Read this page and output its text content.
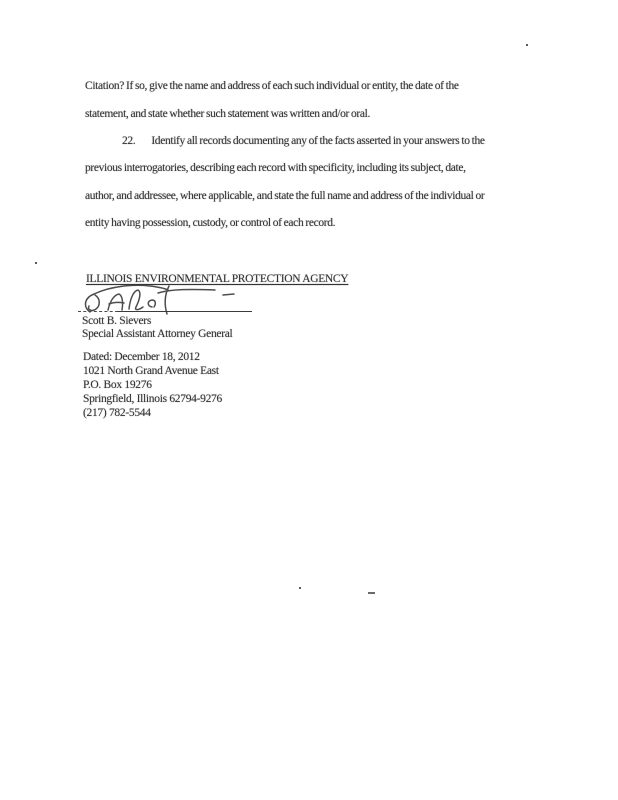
Citation? If so, give the name and address of each such individual or entity, the date of the
statement, and state whether such statement was written and/or oral.
22. Identify all records documenting any of the facts asserted in your answers to the
previous interrogatories, describing each record with specificity, including its subject, date,
author, and addressee, where applicable, and state the full name and address of the individual or
entity having possession, custody, or control of each record.
ILLINOIS ENVIRONMENTAL PROTECTION AGENCY
Scott B. Sievers
Special Assistant Attorney General
Dated: December 18, 2012
1021 North Grand Avenue East
P.O. Box 19276
Springfield, Illinois 62794-9276
(217) 782-5544
